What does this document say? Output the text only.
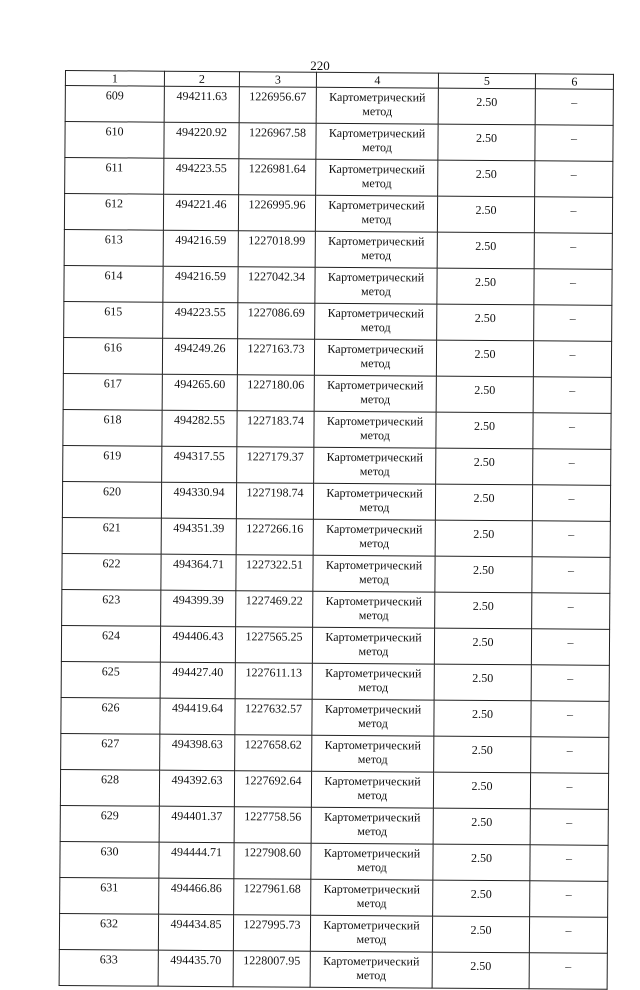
220
1	2	3	4	5	6
609	494211.63	1226956.67	Картометрический метод	2.50	–
610	494220.92	1226967.58	Картометрический метод	2.50	–
611	494223.55	1226981.64	Картометрический метод	2.50	–
612	494221.46	1226995.96	Картометрический метод	2.50	–
613	494216.59	1227018.99	Картометрический метод	2.50	–
614	494216.59	1227042.34	Картометрический метод	2.50	–
615	494223.55	1227086.69	Картометрический метод	2.50	–
616	494249.26	1227163.73	Картометрический метод	2.50	–
617	494265.60	1227180.06	Картометрический метод	2.50	–
618	494282.55	1227183.74	Картометрический метод	2.50	–
619	494317.55	1227179.37	Картометрический метод	2.50	–
620	494330.94	1227198.74	Картометрический метод	2.50	–
621	494351.39	1227266.16	Картометрический метод	2.50	–
622	494364.71	1227322.51	Картометрический метод	2.50	–
623	494399.39	1227469.22	Картометрический метод	2.50	–
624	494406.43	1227565.25	Картометрический метод	2.50	–
625	494427.40	1227611.13	Картометрический метод	2.50	–
626	494419.64	1227632.57	Картометрический метод	2.50	–
627	494398.63	1227658.62	Картометрический метод	2.50	–
628	494392.63	1227692.64	Картометрический метод	2.50	–
629	494401.37	1227758.56	Картометрический метод	2.50	–
630	494444.71	1227908.60	Картометрический метод	2.50	–
631	494466.86	1227961.68	Картометрический метод	2.50	–
632	494434.85	1227995.73	Картометрический метод	2.50	–
633	494435.70	1228007.95	Картометрический метод	2.50	–
